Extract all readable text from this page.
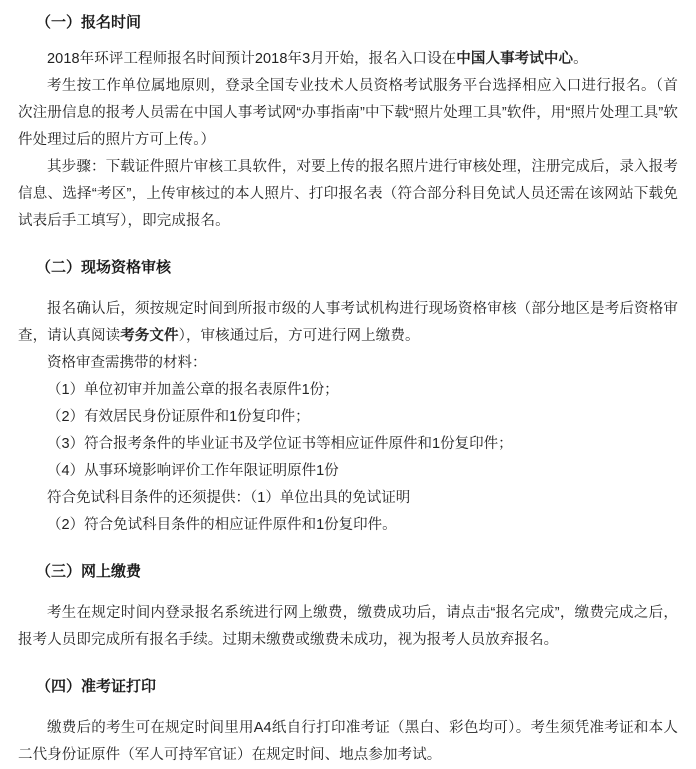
（一）报名时间

2018年环评工程师报名时间预计2018年3月开始，报名入口设在中国人事考试中心。

考生按工作单位属地原则，登录全国专业技术人员资格考试服务平台选择相应入口进行报名。（首次注册信息的报考人员需在中国人事考试网“办事指南”中下载“照片处理工具”软件，用“照片处理工具”软件处理过后的照片方可上传。）

其步骤：下载证件照片审核工具软件，对要上传的报名照片进行审核处理，注册完成后，录入报考信息、选择“考区”，上传审核过的本人照片、打印报名表（符合部分科目免试人员还需在该网站下载免试表后手工填写），即完成报名。

（二）现场资格审核

报名确认后，须按规定时间到所报市级的人事考试机构进行现场资格审核（部分地区是考后资格审查，请认真阅读考务文件），审核通过后，方可进行网上缴费。

资格审查需携带的材料：

（1）单位初审并加盖公章的报名表原件1份；

（2）有效居民身份证原件和1份复印件；

（3）符合报考条件的毕业证书及学位证书等相应证件原件和1份复印件；

（4）从事环境影响评价工作年限证明原件1份

符合免试科目条件的还须提供：（1）单位出具的免试证明

（2）符合免试科目条件的相应证件原件和1份复印件。

（三）网上缴费

考生在规定时间内登录报名系统进行网上缴费，缴费成功后，请点击“报名完成”，缴费完成之后，报考人员即完成所有报名手续。过期未缴费或缴费未成功，视为报考人员放弃报名。

（四）准考证打印

缴费后的考生可在规定时间里用A4纸自行打印准考证（黑白、彩色均可）。考生须凭准考证和本人二代身份证原件（军人可持军官证）在规定时间、地点参加考试。
